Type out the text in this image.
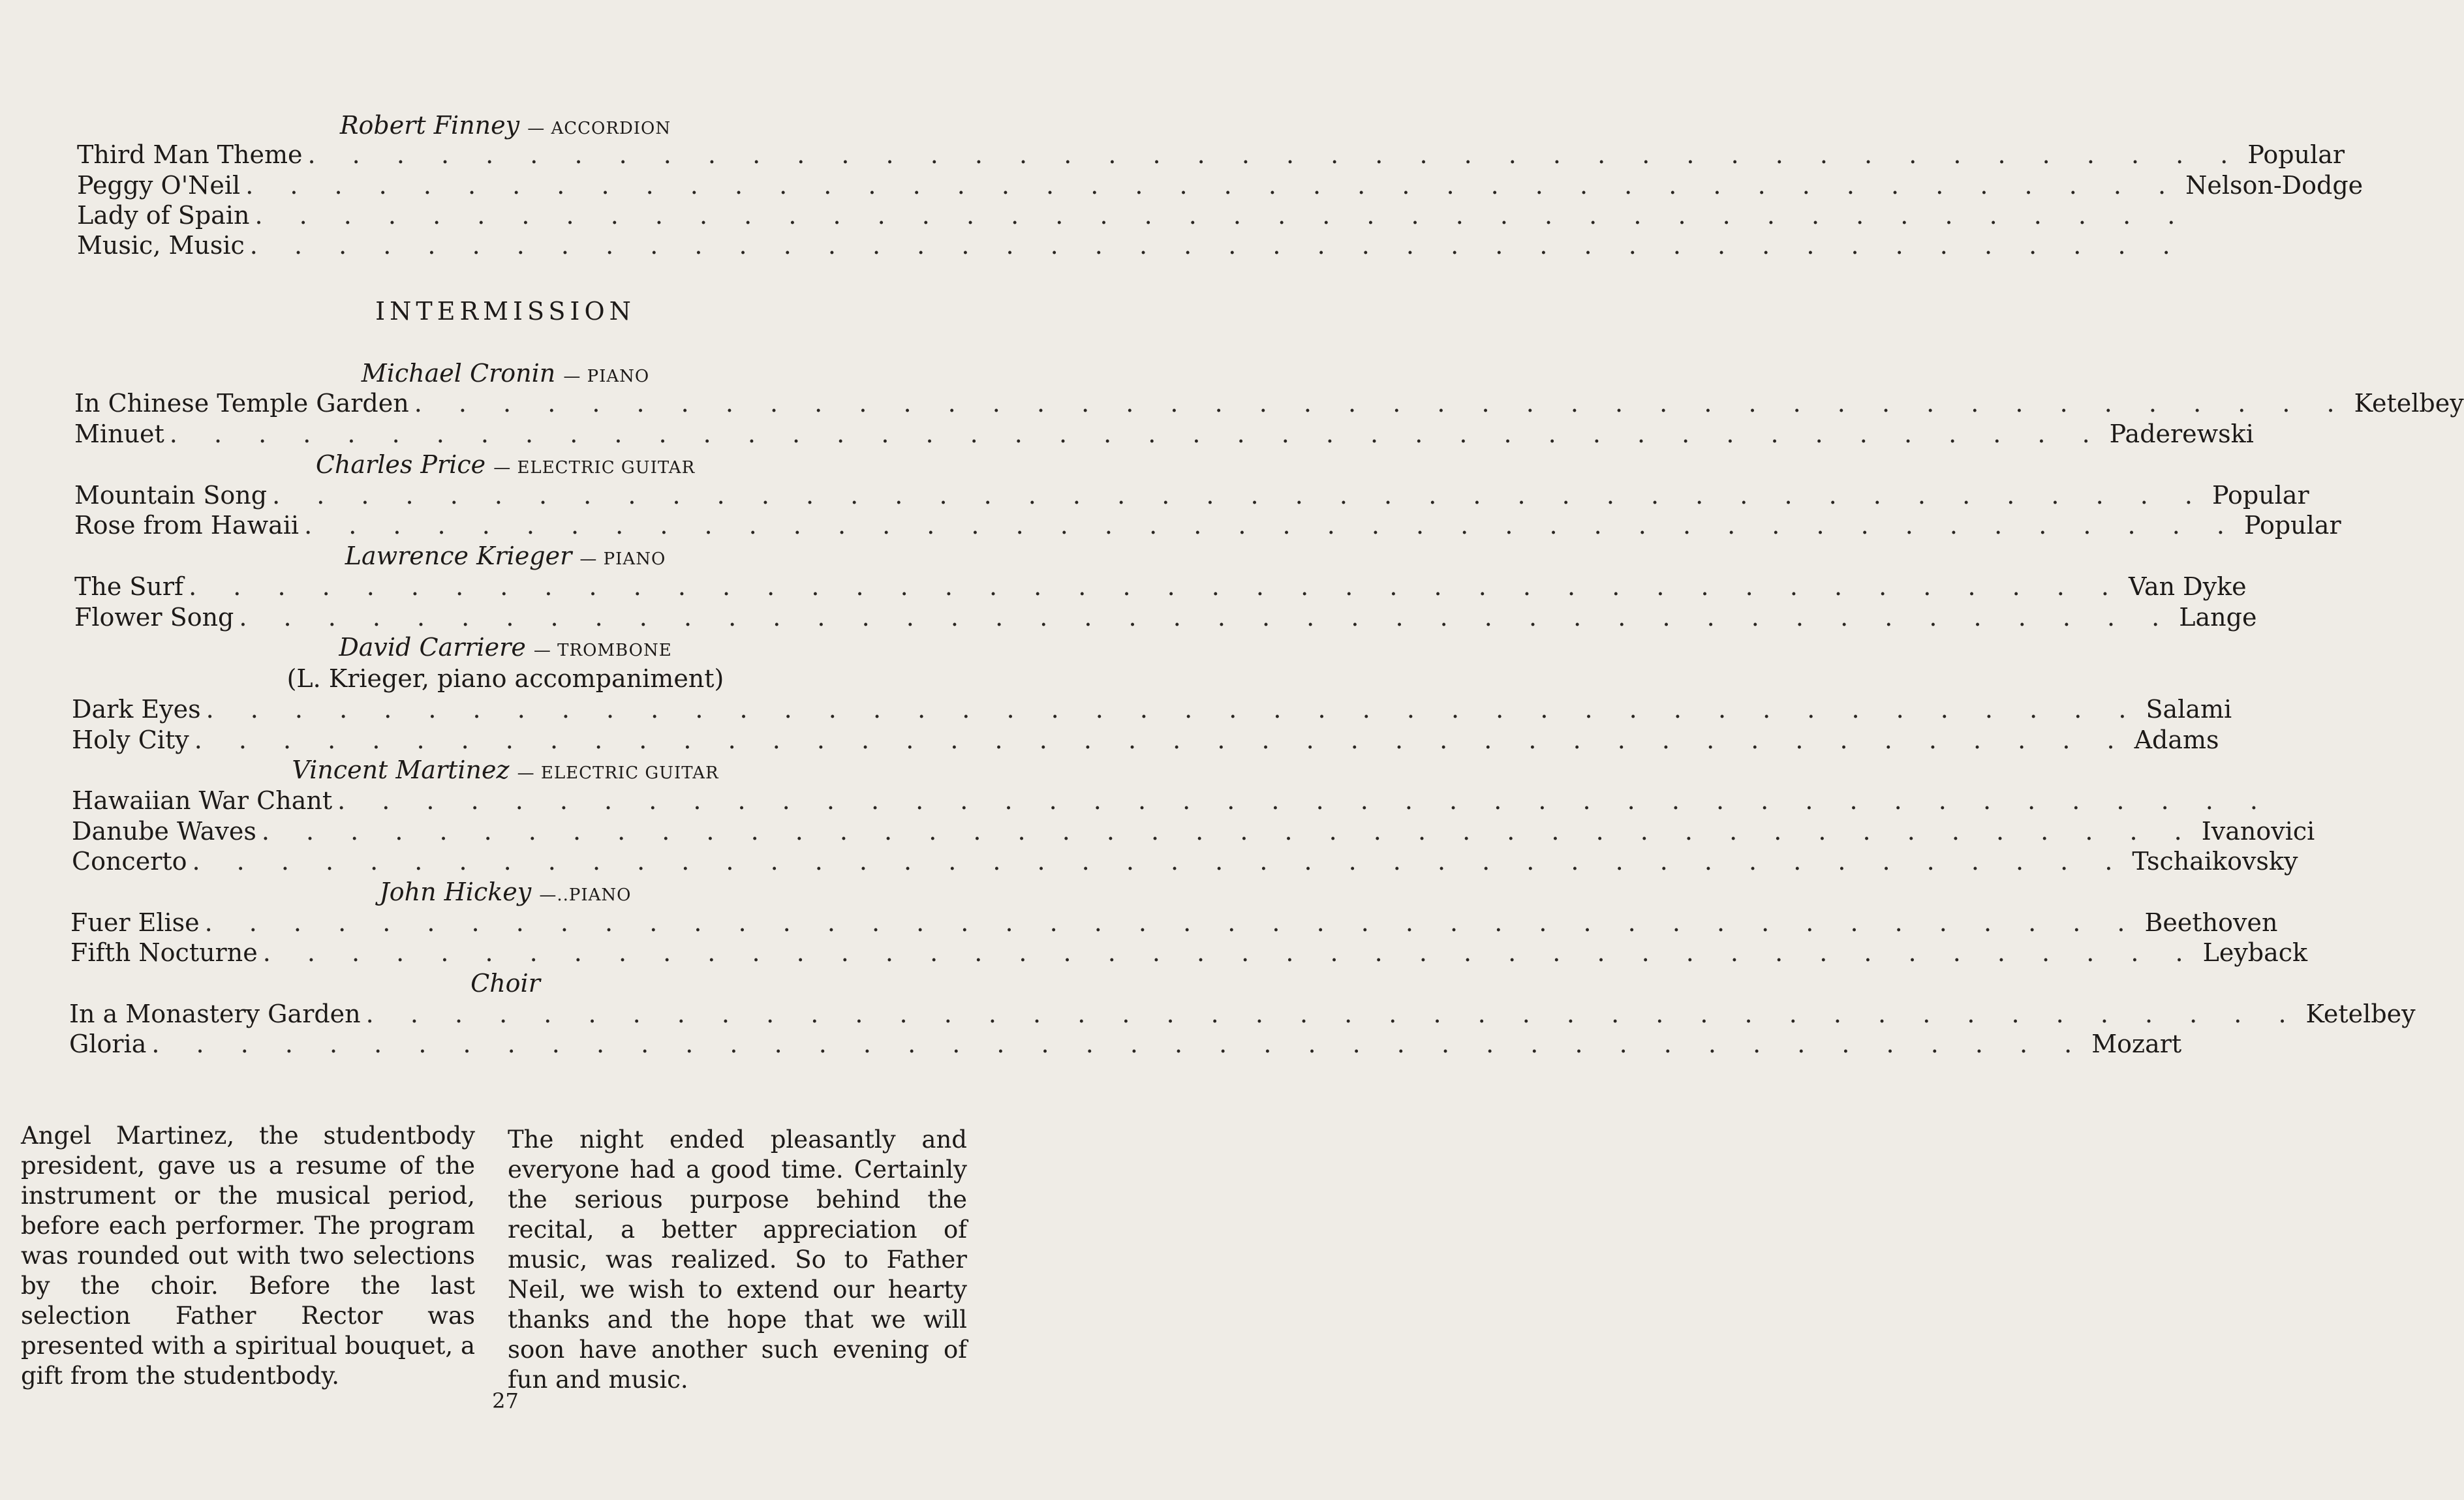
Robert Finney — ACCORDION
Third Man Theme . . . . . . . . . . . . . . . . . . . . . . . . . . . . . . . . . . . . . . . . . . . . Popular
Peggy O'Neil . . . . . . . . . . . . . . . . . . . . . . . . . . . . . . . . . . . . . . . . . . . . Nelson-Dodge
Lady of Spain . . . . . . . . . . . . . . . . . . . . . . . . . . . . . . . . . . . . . . . . . . . .
Music, Music . . . . . . . . . . . . . . . . . . . . . . . . . . . . . . . . . . . . . . . . . . . .
INTERMISSION
Michael Cronin — PIANO
In Chinese Temple Garden . . . . . . . . . . . . . . . . . . . . . . . . . . . . . . . . . . . . . . . . . . . . Ketelbey
Minuet . . . . . . . . . . . . . . . . . . . . . . . . . . . . . . . . . . . . . . . . . . . . Paderewski
Charles Price — ELECTRIC GUITAR
Mountain Song . . . . . . . . . . . . . . . . . . . . . . . . . . . . . . . . . . . . . . . . . . . . Popular
Rose from Hawaii . . . . . . . . . . . . . . . . . . . . . . . . . . . . . . . . . . . . . . . . . . . . Popular
Lawrence Krieger — PIANO
The Surf . . . . . . . . . . . . . . . . . . . . . . . . . . . . . . . . . . . . . . . . . . . . Van Dyke
Flower Song . . . . . . . . . . . . . . . . . . . . . . . . . . . . . . . . . . . . . . . . . . . . Lange
David Carriere — TROMBONE
(L. Krieger, piano accompaniment)
Dark Eyes . . . . . . . . . . . . . . . . . . . . . . . . . . . . . . . . . . . . . . . . . . . . Salami
Holy City . . . . . . . . . . . . . . . . . . . . . . . . . . . . . . . . . . . . . . . . . . . . Adams
Vincent Martinez — ELECTRIC GUITAR
Hawaiian War Chant . . . . . . . . . . . . . . . . . . . . . . . . . . . . . . . . . . . . . . . . . . . .
Danube Waves . . . . . . . . . . . . . . . . . . . . . . . . . . . . . . . . . . . . . . . . . . . . Ivanovici
Concerto . . . . . . . . . . . . . . . . . . . . . . . . . . . . . . . . . . . . . . . . . . . . Tschaikovsky
John Hickey —..PIANO
Fuer Elise . . . . . . . . . . . . . . . . . . . . . . . . . . . . . . . . . . . . . . . . . . . . Beethoven
Fifth Nocturne . . . . . . . . . . . . . . . . . . . . . . . . . . . . . . . . . . . . . . . . . . . . Leyback
Choir
In a Monastery Garden . . . . . . . . . . . . . . . . . . . . . . . . . . . . . . . . . . . . . . . . . . . . Ketelbey
Gloria . . . . . . . . . . . . . . . . . . . . . . . . . . . . . . . . . . . . . . . . . . . . Mozart
Angel Martinez, the studentbody president, gave us a resume of the instrument or the musical period, before each performer. The program was rounded out with two selections by the choir. Before the last selection Father Rector was presented with a spiritual bouquet, a gift from the studentbody.
The night ended pleasantly and everyone had a good time. Certainly the serious purpose behind the recital, a better appreciation of music, was realized. So to Father Neil, we wish to extend our hearty thanks and the hope that we will soon have another such evening of fun and music.
27
